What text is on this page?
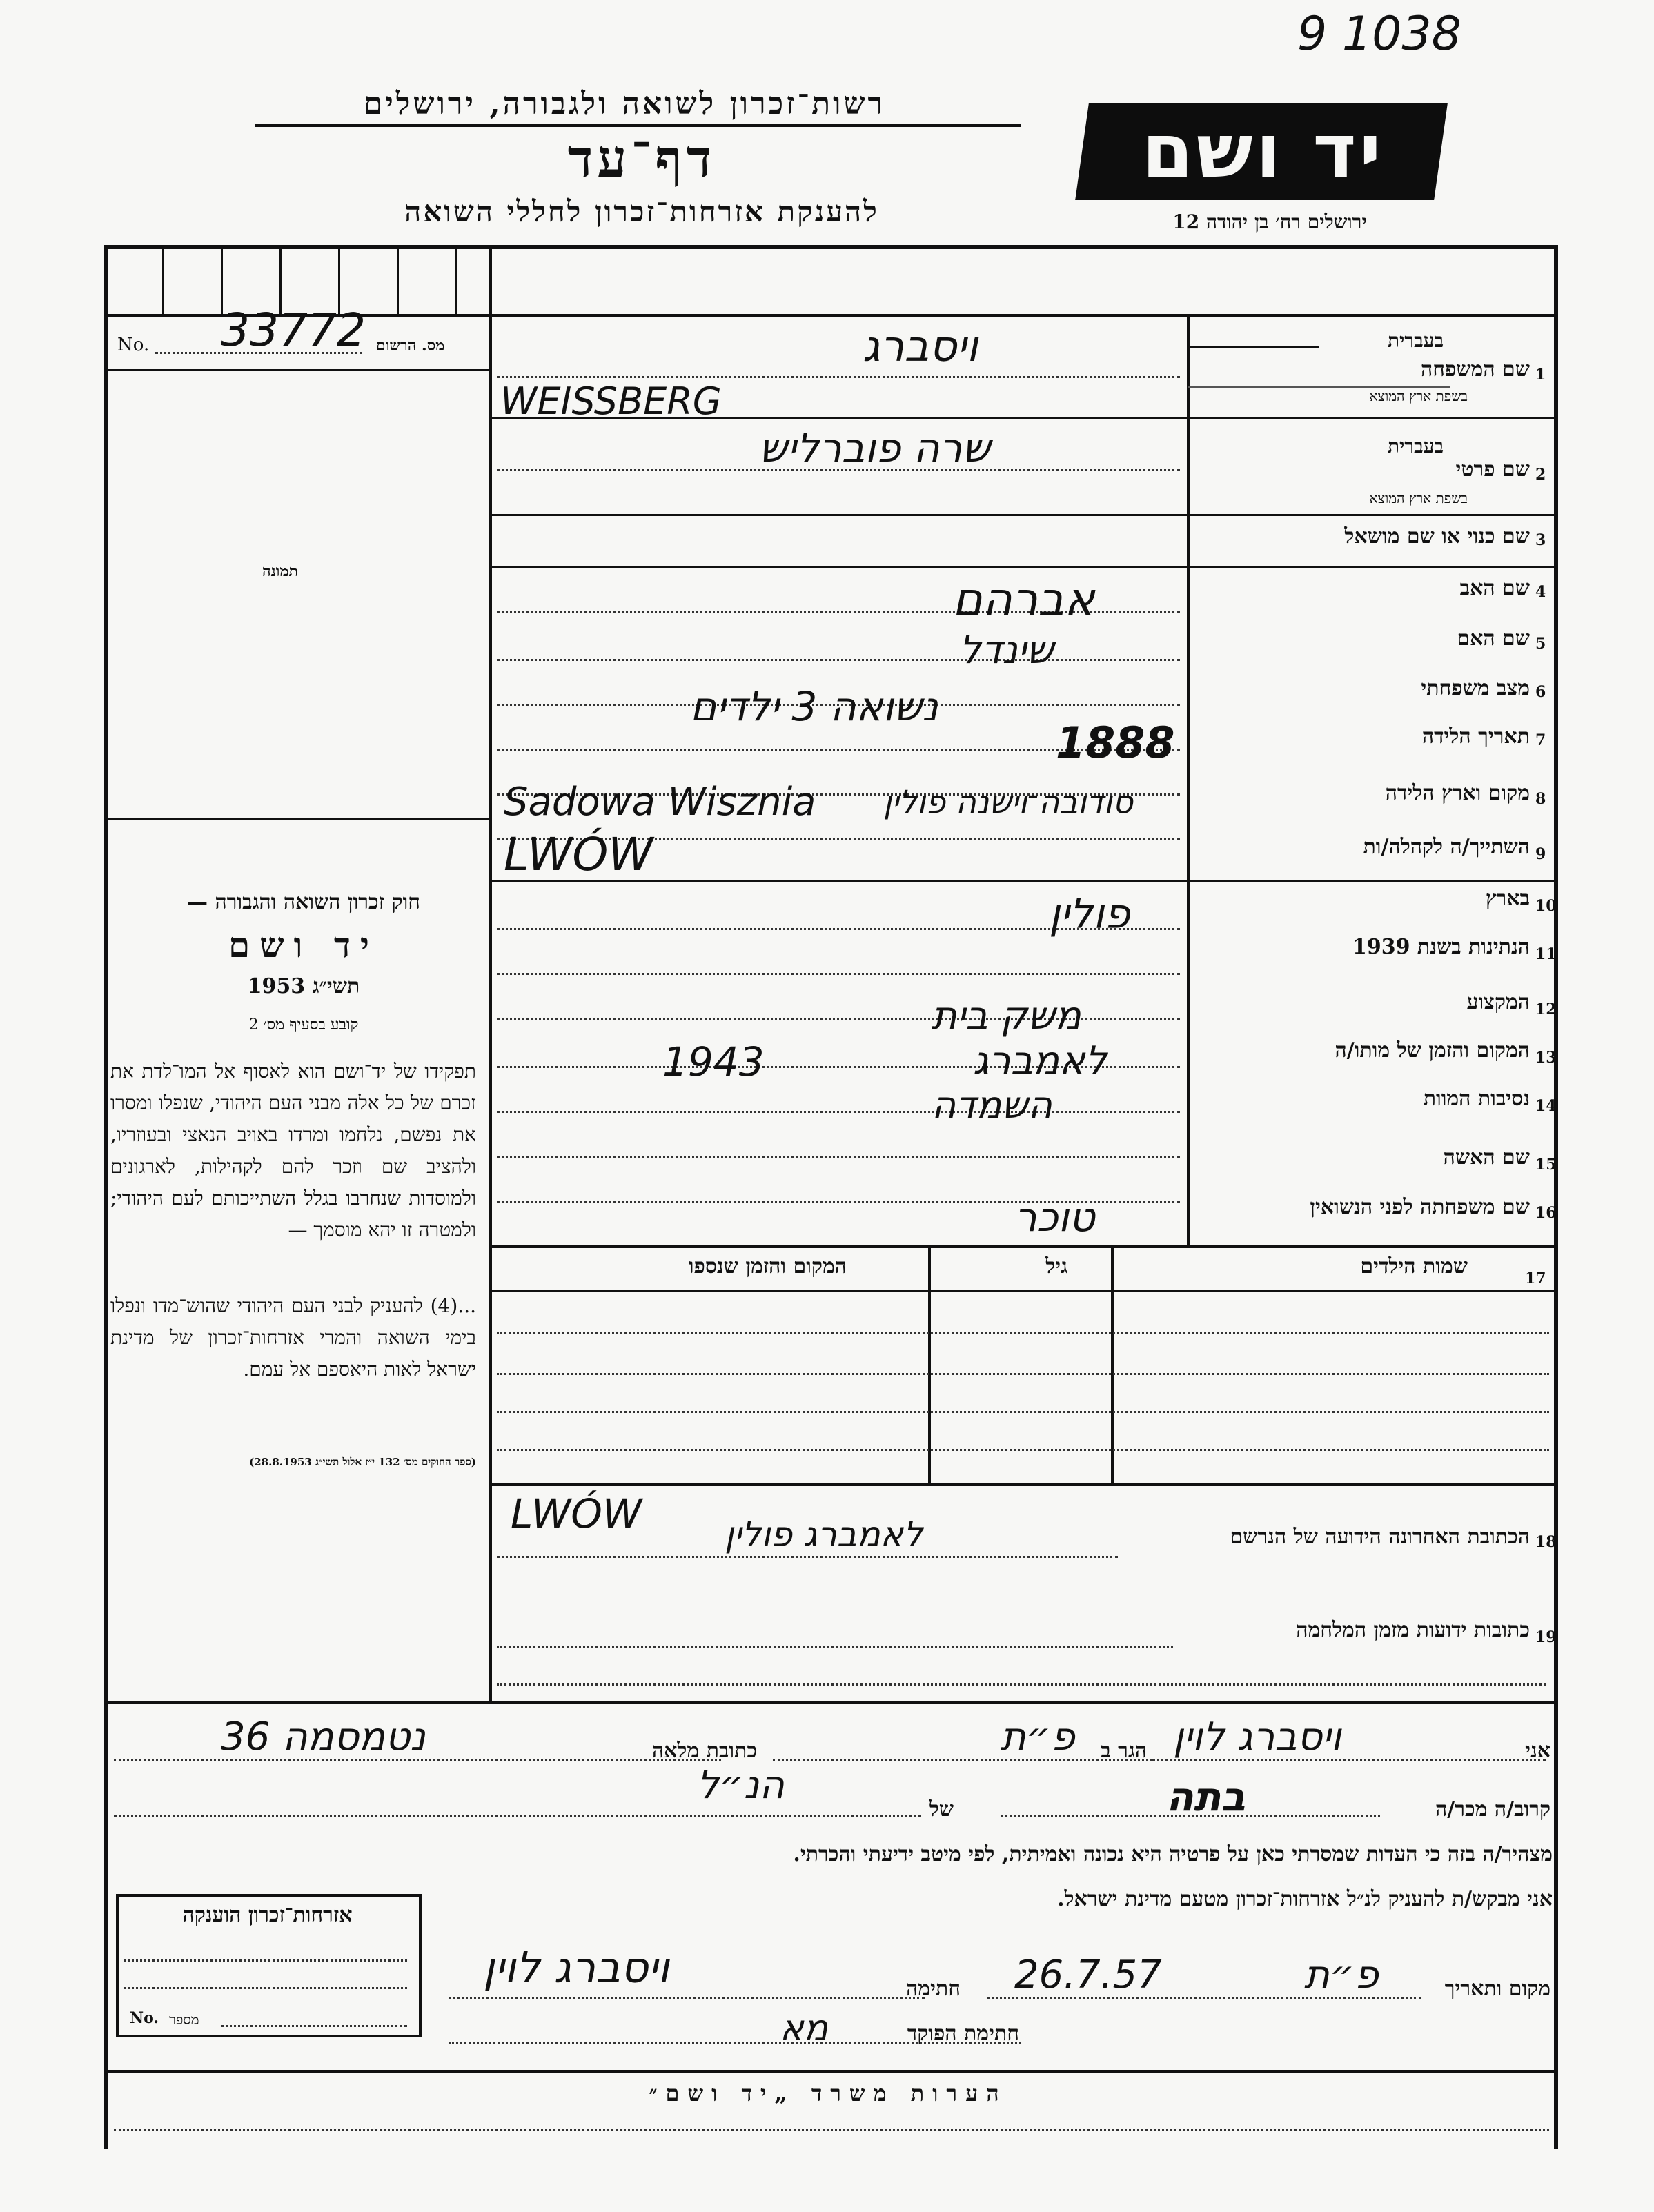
9 1038
רשות־זכרון לשואה ולגבורה, ירושלים
דף־עד
להענקת אזרחות־זכרון לחללי השואה
יד ושם
ירושלים רח׳ בן יהודה 12
No. 33772 מס. הרשום
תמונה
חוק זכרון השואה והגבורה —
יד ושם
תשי״ג 1953
קובע בסעיף מס׳ 2
תפקידו של יד־ושם הוא לאסוף אל המו־לדת את זכרם של כל אלה מבני העם היהודי, שנפלו ומסרו את נפשם, נלחמו ומרדו באויב הנאצי ובעוזריו, ולהציב שם וזכר להם לקהילות, לארגונים ולמוסדות שנחרבו בגלל השתייכותם לעם היהודי; ולמטרה זו יהא מוסמך —
...(4) להעניק לבני העם היהודי שהוש־מדו ונפלו בימי השואה והמרי אזרחות־זכרון של מדינת ישראל לאות היאספם אל עמם.
(ספר החוקים מס׳ 132 י״ז אלול תשי״ג 28.8.1953)
1
שם המשפחה
בעברית
בשפת ארץ המוצא
ויסברג
WEISSBERG
2
שם פרטי
בעברית
בשפת ארץ המוצא
שרה פוברליש
3
שם כנוי או שם מושאל
4
שם האב
אברהם
5
שם האם
שינדל
6
מצב משפחתי
נשואה 3 ילדים
7
תאריך הלידה
1888
8
מקום וארץ הלידה
Sadowa Wisznia סודובה־וישנה פולין
9
השתייך/ה לקהלה/ות
LWÓW
10
בארץ
פולין
11
הנתינות בשנת 1939
12
המקצוע
משק בית
13
המקום והזמן של מותו/ה
1943	לאמברג
14
נסיבות המוות
השמדה
15
שם האשה
16
שם משפחתה לפני הנשואין
טוכר
17
שמות הילדים
גיל
המקום והזמן שנספו
18
הכתובת האחרונה הידועה של הנרשם
LWÓW לאמברג פולין
19
כתובות ידועות מזמן המלחמה
אני
ויסברג לוין
הגר ב
פ״ת
כתובת מלאה
נטמסמה 36
קרוב/ה מכר/ה
בתה
של
הנ״ל
מצהיר/ה בזה כי העדות שמסרתי כאן על פרטיה היא נכונה ואמיתית, לפי מיטב ידיעתי והכרתי.
אני מבקש/ת להעניק לנ״ל אזרחות־זכרון מטעם מדינת ישראל.
מקום ותאריך
פ״ת
26.7.57
חתימה
ויסברג לוין
חתימת הפוקד
מא
אזרחות־זכרון הוענקה
No. מספר
הערות משרד „יד ושם״
